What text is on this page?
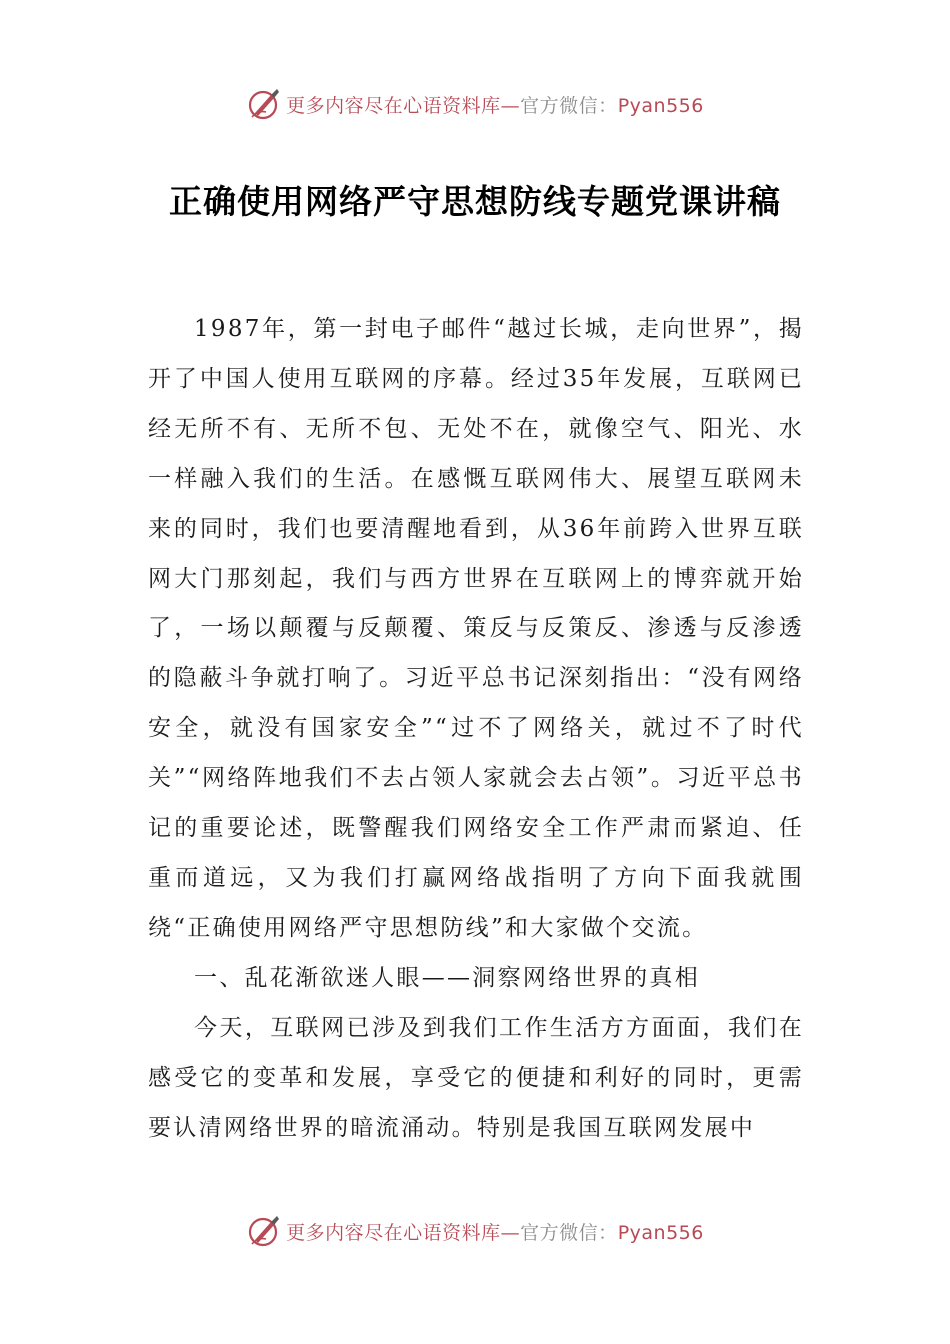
更多内容尽在心语资料库—官方微信：Pyan556
正确使用网络严守思想防线专题党课讲稿

1987年，第一封电子邮件“越过长城，走向世界”，揭开了中国人使用互联网的序幕。经过35年发展，互联网已经无所不有、无所不包、无处不在，就像空气、阳光、水一样融入我们的生活。在感慨互联网伟大、展望互联网未来的同时，我们也要清醒地看到，从36年前跨入世界互联网大门那刻起，我们与西方世界在互联网上的博弈就开始了，一场以颠覆与反颠覆、策反与反策反、渗透与反渗透的隐蔽斗争就打响了。习近平总书记深刻指出：“没有网络安全，就没有国家安全”“过不了网络关，就过不了时代关”“网络阵地我们不去占领人家就会去占领”。习近平总书记的重要论述，既警醒我们网络安全工作严肃而紧迫、任重而道远，又为我们打赢网络战指明了方向下面我就围绕“正确使用网络严守思想防线”和大家做个交流。

一、乱花渐欲迷人眼——洞察网络世界的真相

今天，互联网已涉及到我们工作生活方方面面，我们在感受它的变革和发展，享受它的便捷和利好的同时，更需要认清网络世界的暗流涌动。特别是我国互联网发展中

更多内容尽在心语资料库—官方微信：Pyan556
